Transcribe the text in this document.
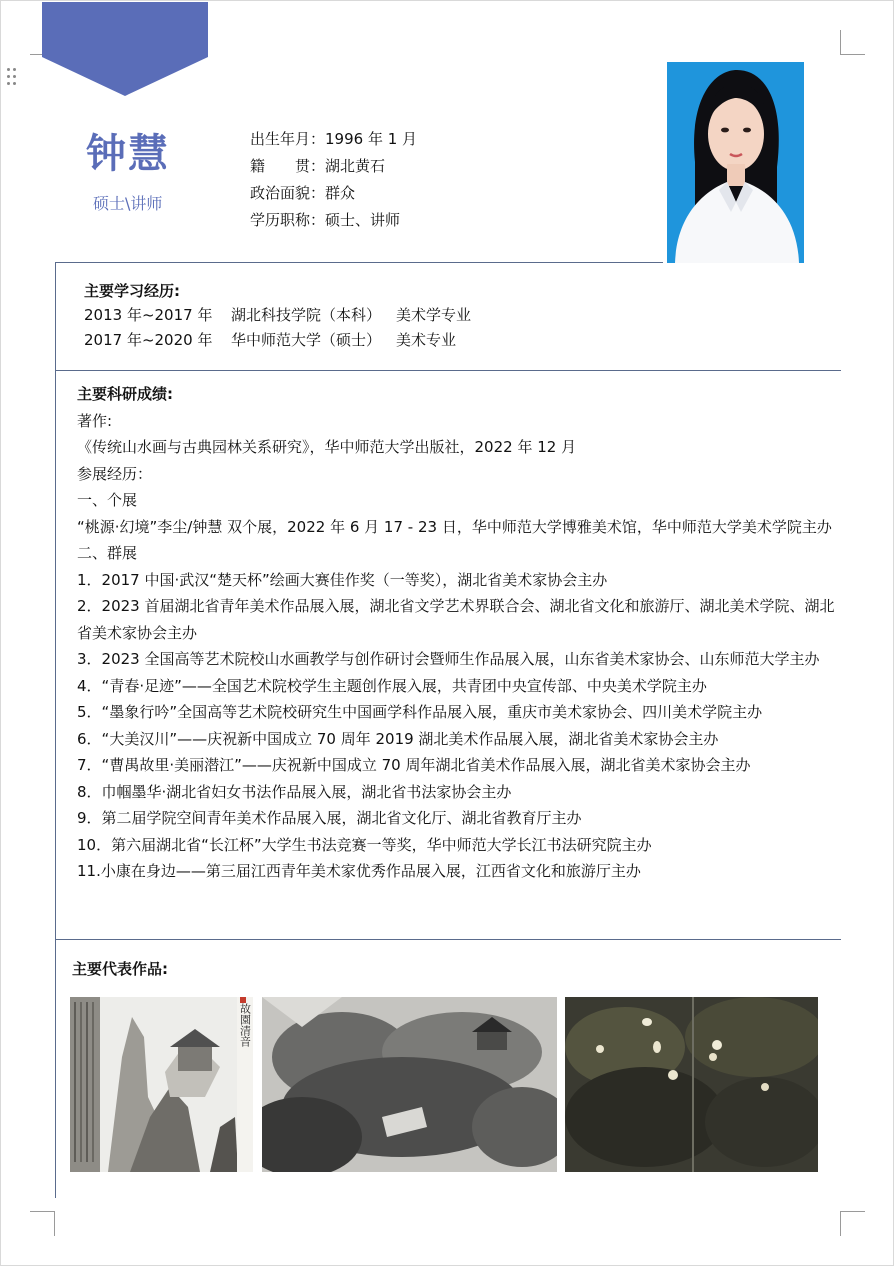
钟慧
硕士\讲师
出生年月：1996 年 1 月
籍　　贯：湖北黄石
政治面貌：群众
学历职称：硕士、讲师
主要学习经历:
2013 年~2017 年 湖北科技学院（本科） 美术学专业
2017 年~2020 年 华中师范大学（硕士） 美术专业
主要科研成绩:
著作:
《传统山水画与古典园林关系研究》，华中师范大学出版社，2022 年 12 月
参展经历：
一、个展
“桃源·幻境”李尘/钟慧 双个展，2022 年 6 月 17 - 23 日，华中师范大学博雅美术馆，华中师范大学美术学院主办
二、群展
1．2017 中国·武汉“楚天杯”绘画大赛佳作奖（一等奖），湖北省美术家协会主办
2．2023 首届湖北省青年美术作品展入展，湖北省文学艺术界联合会、湖北省文化和旅游厅、湖北美术学院、湖北省美术家协会主办
3．2023 全国高等艺术院校山水画教学与创作研讨会暨师生作品展入展，山东省美术家协会、山东师范大学主办
4．“青春·足迹”——全国艺术院校学生主题创作展入展，共青团中央宣传部、中央美术学院主办
5．“墨象行吟”全国高等艺术院校研究生中国画学科作品展入展，重庆市美术家协会、四川美术学院主办
6．“大美汉川”——庆祝新中国成立 70 周年 2019 湖北美术作品展入展，湖北省美术家协会主办
7．“曹禺故里·美丽潜江”——庆祝新中国成立 70 周年湖北省美术作品展入展，湖北省美术家协会主办
8．巾帼墨华·湖北省妇女书法作品展入展，湖北省书法家协会主办
9．第二届学院空间青年美术作品展入展，湖北省文化厅、湖北省教育厅主办
10．第六届湖北省“长江杯”大学生书法竞赛一等奖，华中师范大学长江书法研究院主办
11.小康在身边——第三届江西青年美术家优秀作品展入展，江西省文化和旅游厅主办
主要代表作品:
故園清音
